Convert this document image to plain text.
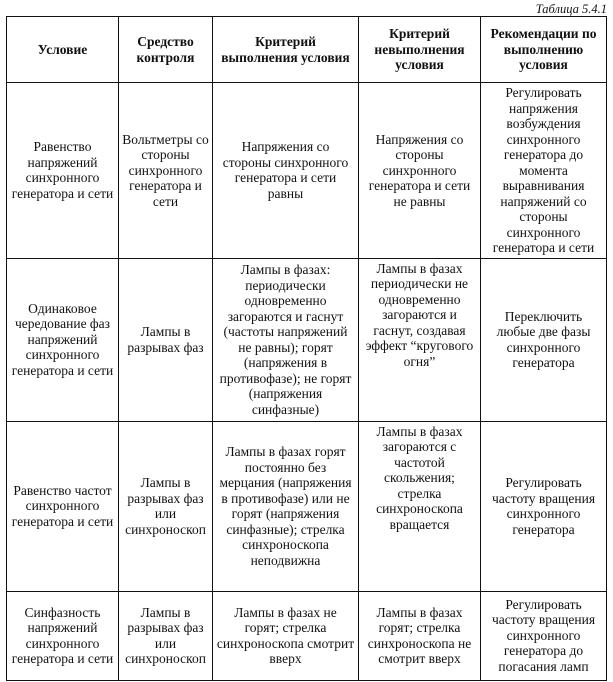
Таблица 5.4.1
Условие	Средство контроля	Критерий выполнения условия	Критерий невыполнения условия	Рекомендации по выполнению условия
Равенство напряжений синхронного генератора и сети	Вольтметры со стороны синхронного генератора и сети	Напряжения со стороны синхронного генератора и сети равны	Напряжения со стороны синхронного генератора и сети не равны	Регулировать напряжения возбуждения синхронного генератора до момента выравнивания напряжений со стороны синхронного генератора и сети
Одинаковое чередование фаз напряжений синхронного генератора и сети	Лампы в разрывах фаз	Лампы в фазах: периодически одновременно загораются и гаснут (частоты напряжений не равны); горят (напряжения в противофазе); не горят (напряжения синфазные)	Лампы в фазах периодически не одновременно загораются и гаснут, создавая эффект “кругового огня”	Переключить любые две фазы синхронного генератора
Равенство частот синхронного генератора и сети	Лампы в разрывах фаз или синхроноскоп	Лампы в фазах горят постоянно без мерцания (напряжения в противофазе) или не горят (напряжения синфазные); стрелка синхроноскопа неподвижна	Лампы в фазах загораются с частотой скольжения; стрелка синхроноскопа вращается	Регулировать частоту вращения синхронного генератора
Синфазность напряжений синхронного генератора и сети	Лампы в разрывах фаз или синхроноскоп	Лампы в фазах не горят; стрелка синхроноскопа смотрит вверх	Лампы в фазах горят; стрелка синхроноскопа не смотрит вверх	Регулировать частоту вращения синхронного генератора до погасания ламп
